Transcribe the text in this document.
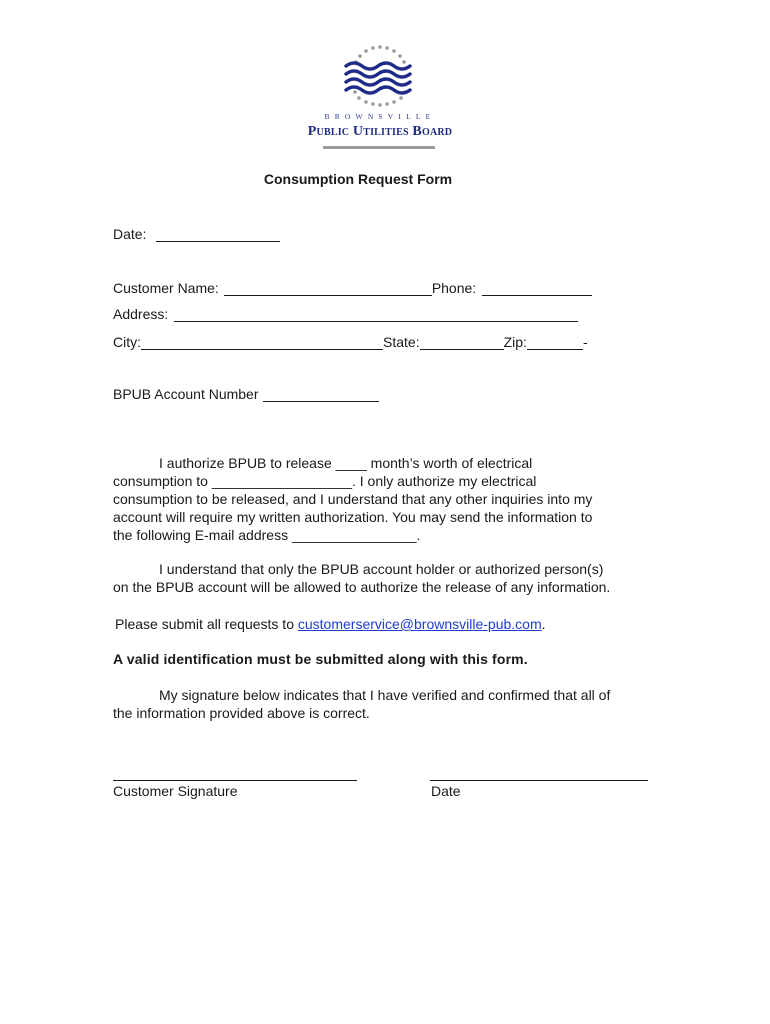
BROWNSVILLE
Public Utilities Board
Consumption Request Form
Date:
Customer Name:	Phone:
Address:
City:	State:	Zip:	-
BPUB Account Number
I authorize BPUB to release ____ month’s worth of electrical
consumption to __________________. I only authorize my electrical
consumption to be released, and I understand that any other inquiries into my
account will require my written authorization. You may send the information to
the following E-mail address ________________.
I understand that only the BPUB account holder or authorized person(s)
on the BPUB account will be allowed to authorize the release of any information.
Please submit all requests to customerservice@brownsville-pub.com.
A valid identification must be submitted along with this form.
My signature below indicates that I have verified and confirmed that all of
the information provided above is correct.
Customer Signature	Date
